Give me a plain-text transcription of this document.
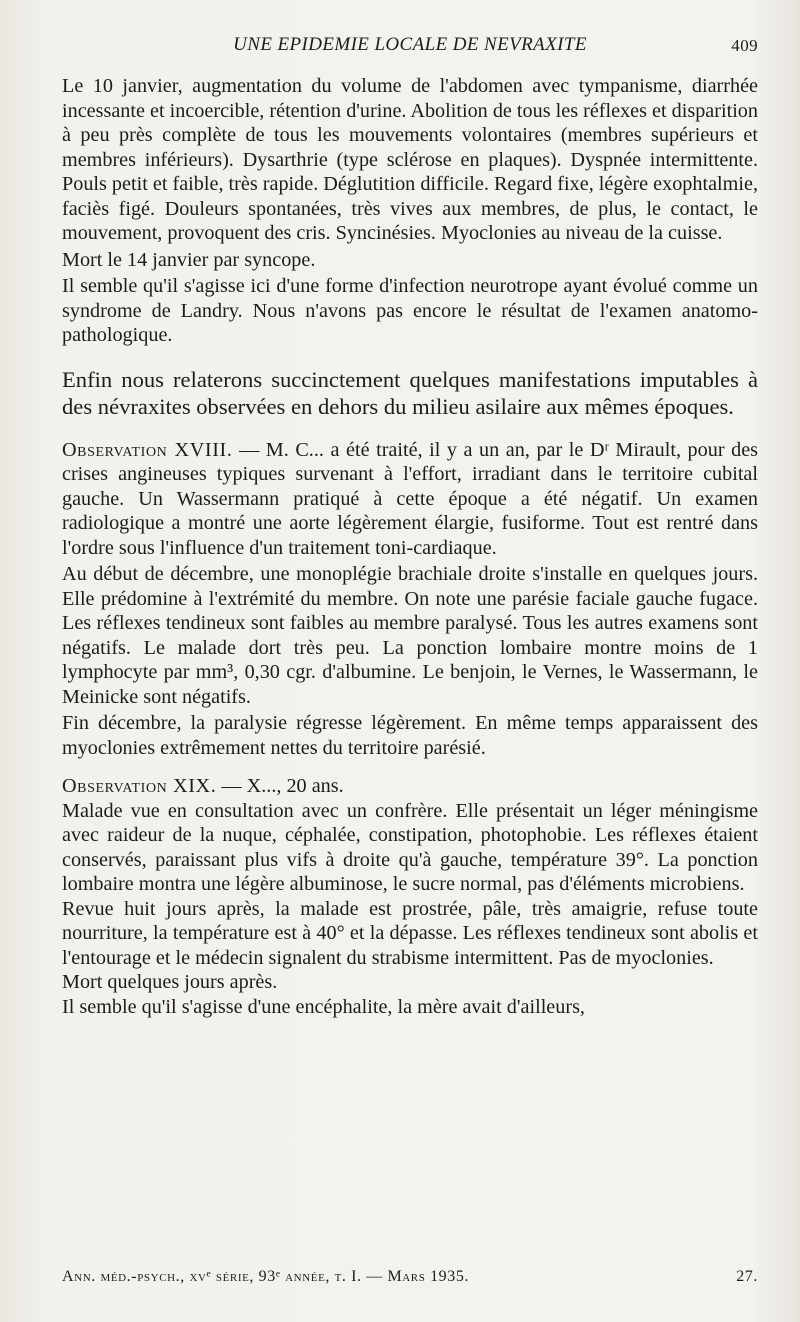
UNE EPIDEMIE LOCALE DE NEVRAXITE	409

Le 10 janvier, augmentation du volume de l'abdomen avec tympanisme, diarrhée incessante et incoercible, rétention d'urine. Abolition de tous les réflexes et disparition à peu près complète de tous les mouvements volontaires (membres supérieurs et membres inférieurs). Dysarthrie (type sclérose en plaques). Dyspnée intermittente. Pouls petit et faible, très rapide. Déglutition difficile. Regard fixe, légère exophtalmie, faciès figé. Douleurs spontanées, très vives aux membres, de plus, le contact, le mouvement, provoquent des cris. Syncinésies. Myoclonies au niveau de la cuisse.

Mort le 14 janvier par syncope.

Il semble qu'il s'agisse ici d'une forme d'infection neurotrope ayant évolué comme un syndrome de Landry. Nous n'avons pas encore le résultat de l'examen anatomo-pathologique.

Enfin nous relaterons succinctement quelques manifestations imputables à des névraxites observées en dehors du milieu asilaire aux mêmes époques.

Observation XVIII. — M. C... a été traité, il y a un an, par le Dʳ Mirault, pour des crises angineuses typiques survenant à l'effort, irradiant dans le territoire cubital gauche. Un Wassermann pratiqué à cette époque a été négatif. Un examen radiologique a montré une aorte légèrement élargie, fusiforme. Tout est rentré dans l'ordre sous l'influence d'un traitement toni-cardiaque.

Au début de décembre, une monoplégie brachiale droite s'installe en quelques jours. Elle prédomine à l'extrémité du membre. On note une parésie faciale gauche fugace. Les réflexes tendineux sont faibles au membre paralysé. Tous les autres examens sont négatifs. Le malade dort très peu. La ponction lombaire montre moins de 1 lymphocyte par mm³, 0,30 cgr. d'albumine. Le benjoin, le Vernes, le Wassermann, le Meinicke sont négatifs.

Fin décembre, la paralysie régresse légèrement. En même temps apparaissent des myoclonies extrêmement nettes du territoire parésié.

Observation XIX. — X..., 20 ans.

Malade vue en consultation avec un confrère. Elle présentait un léger méningisme avec raideur de la nuque, céphalée, constipation, photophobie. Les réflexes étaient conservés, paraissant plus vifs à droite qu'à gauche, température 39°. La ponction lombaire montra une légère albuminose, le sucre normal, pas d'éléments microbiens.

Revue huit jours après, la malade est prostrée, pâle, très amaigrie, refuse toute nourriture, la température est à 40° et la dépasse. Les réflexes tendineux sont abolis et l'entourage et le médecin signalent du strabisme intermittent. Pas de myoclonies.

Mort quelques jours après.

Il semble qu'il s'agisse d'une encéphalite, la mère avait d'ailleurs,

Ann. méd.-psych., xvᵉ série, 93ᵉ année, t. I. — Mars 1935.	27.
